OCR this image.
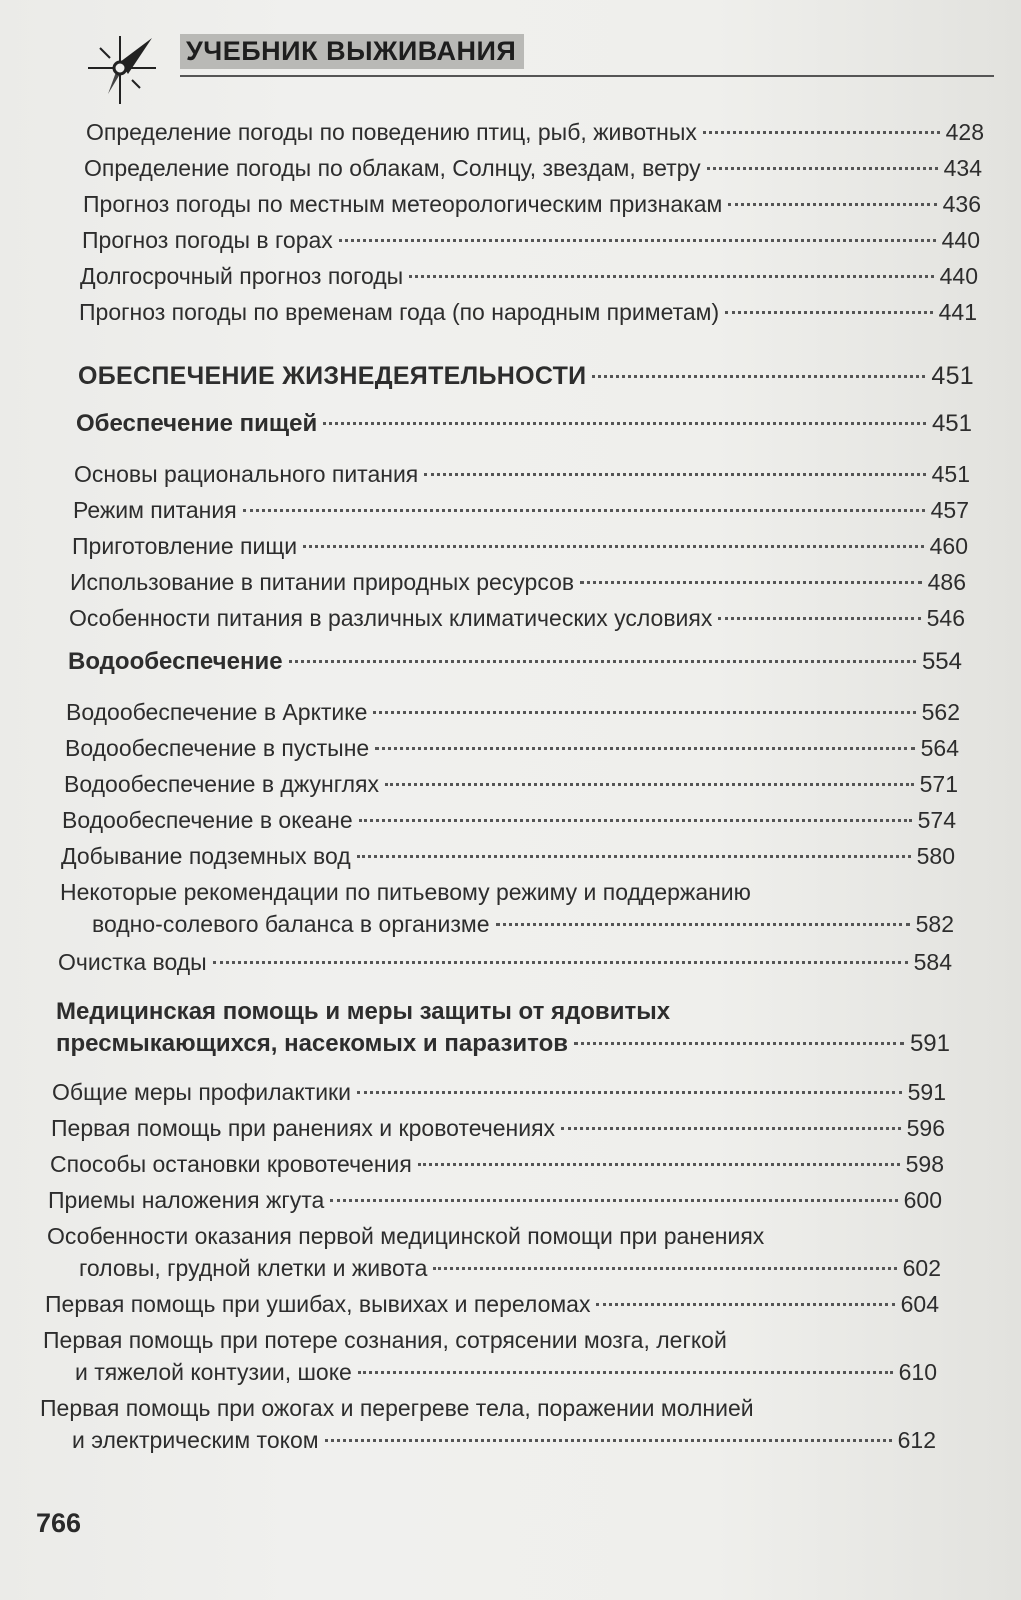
УЧЕБНИК ВЫЖИВАНИЯ
Определение погоды по поведению птиц, рыб, животных	428
Определение погоды по облакам, Солнцу, звездам, ветру	434
Прогноз погоды по местным метеорологическим признакам	436
Прогноз погоды в горах	440
Долгосрочный прогноз погоды	440
Прогноз погоды по временам года (по народным приметам)	441
ОБЕСПЕЧЕНИЕ ЖИЗНЕДЕЯТЕЛЬНОСТИ	451
Обеспечение пищей	451
Основы рационального питания	451
Режим питания	457
Приготовление пищи	460
Использование в питании природных ресурсов	486
Особенности питания в различных климатических условиях	546
Водообеспечение	554
Водообеспечение в Арктике	562
Водообеспечение в пустыне	564
Водообеспечение в джунглях	571
Водообеспечение в океане	574
Добывание подземных вод	580
Некоторые рекомендации по питьевому режиму и поддержанию
водно-солевого баланса в организме	582
Очистка воды	584
Медицинская помощь и меры защиты от ядовитых
пресмыкающихся, насекомых и паразитов	591
Общие меры профилактики	591
Первая помощь при ранениях и кровотечениях	596
Способы остановки кровотечения	598
Приемы наложения жгута	600
Особенности оказания первой медицинской помощи при ранениях
головы, грудной клетки и живота	602
Первая помощь при ушибах, вывихах и переломах	604
Первая помощь при потере сознания, сотрясении мозга, легкой
и тяжелой контузии, шоке	610
Первая помощь при ожогах и перегреве тела, поражении молнией
и электрическим током	612
766
